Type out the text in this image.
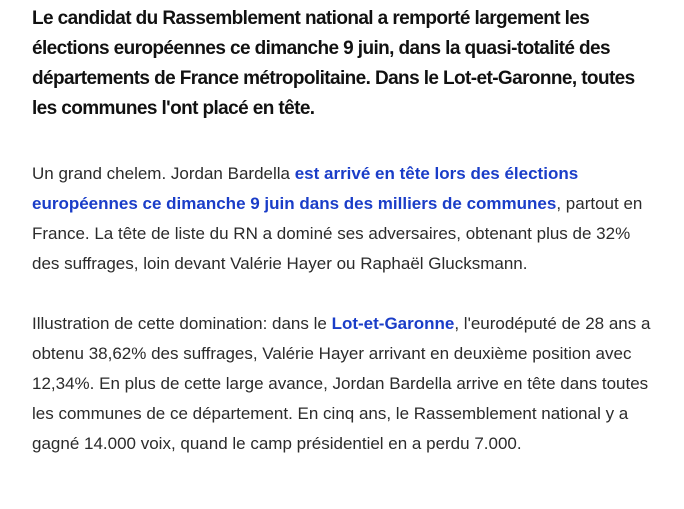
Le candidat du Rassemblement national a remporté largement les élections européennes ce dimanche 9 juin, dans la quasi-totalité des départements de France métropolitaine. Dans le Lot-et-Garonne, toutes les communes l'ont placé en tête.

Un grand chelem. Jordan Bardella est arrivé en tête lors des élections européennes ce dimanche 9 juin dans des milliers de communes, partout en France. La tête de liste du RN a dominé ses adversaires, obtenant plus de 32% des suffrages, loin devant Valérie Hayer ou Raphaël Glucksmann.

Illustration de cette domination: dans le Lot-et-Garonne, l'eurodéputé de 28 ans a obtenu 38,62% des suffrages, Valérie Hayer arrivant en deuxième position avec 12,34%. En plus de cette large avance, Jordan Bardella arrive en tête dans toutes les communes de ce département. En cinq ans, le Rassemblement national y a gagné 14.000 voix, quand le camp présidentiel en a perdu 7.000.
